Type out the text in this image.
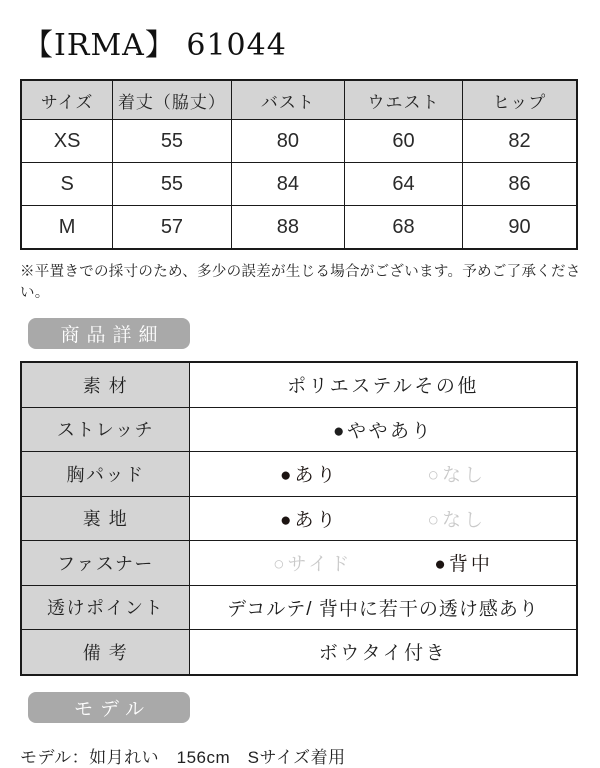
【IRMA】 61044
サイズ	着丈（脇丈）	バスト	ウエスト	ヒップ
XS	55	80	60	82
S	55	84	64	86
M	57	88	68	90

※平置きでの採寸のため、多少の誤差が生じる場合がございます。予めご了承ください。

商品詳細
素 材	ポリエステルその他
ストレッチ	●ややあり
胸パッド	●あり ○なし

裏 地	●あり ○なし

ファスナー	○サイド ●背中

透けポイント	デコルテ/ 背中に若干の透け感あり
備 考	ボウタイ付き
モデル

モデル：如月れい　156cm　Sサイズ着用
